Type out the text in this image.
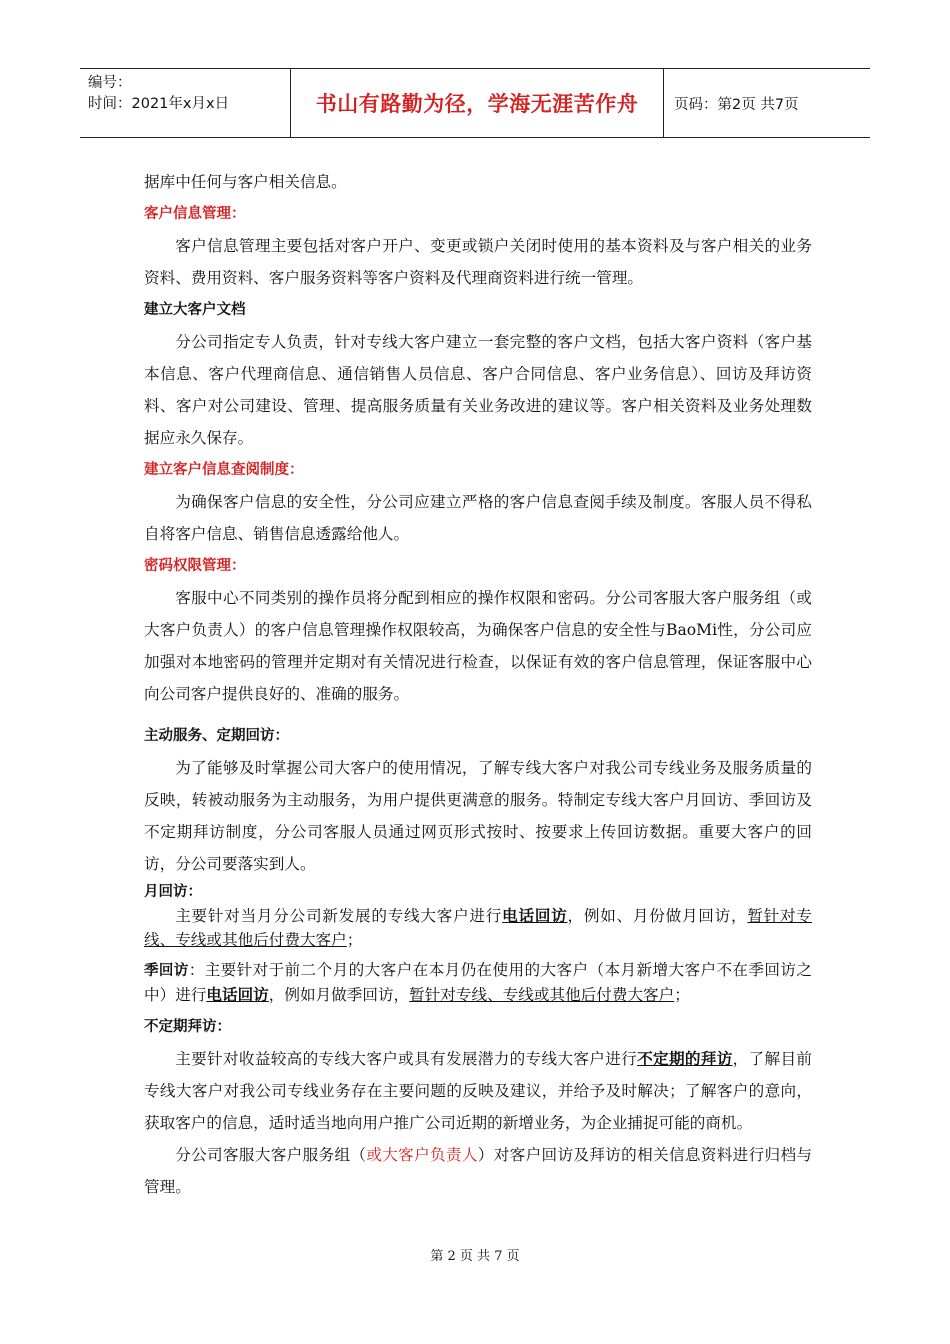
编号：
时间：2021年x月x日	书山有路勤为径，学海无涯苦作舟	页码：第2页 共7页

据库中任何与客户相关信息。

客户信息管理：

客户信息管理主要包括对客户开户、变更或锁户关闭时使用的基本资料及与客户相关的业务资料、费用资料、客户服务资料等客户资料及代理商资料进行统一管理。

建立大客户文档

分公司指定专人负责，针对专线大客户建立一套完整的客户文档，包括大客户资料（客户基本信息、客户代理商信息、通信销售人员信息、客户合同信息、客户业务信息）、回访及拜访资料、客户对公司建设、管理、提高服务质量有关业务改进的建议等。客户相关资料及业务处理数据应永久保存。

建立客户信息查阅制度：

为确保客户信息的安全性，分公司应建立严格的客户信息查阅手续及制度。客服人员不得私自将客户信息、销售信息透露给他人。

密码权限管理：

客服中心不同类别的操作员将分配到相应的操作权限和密码。分公司客服大客户服务组（或大客户负责人）的客户信息管理操作权限较高，为确保客户信息的安全性与BaoMi性，分公司应加强对本地密码的管理并定期对有关情况进行检查，以保证有效的客户信息管理，保证客服中心向公司客户提供良好的、准确的服务。

主动服务、定期回访：

为了能够及时掌握公司大客户的使用情况，了解专线大客户对我公司专线业务及服务质量的反映，转被动服务为主动服务，为用户提供更满意的服务。特制定专线大客户月回访、季回访及不定期拜访制度，分公司客服人员通过网页形式按时、按要求上传回访数据。重要大客户的回访，分公司要落实到人。

月回访：

主要针对当月分公司新发展的专线大客户进行电话回访，例如、月份做月回访，暂针对专线、专线或其他后付费大客户；

季回访：主要针对于前二个月的大客户在本月仍在使用的大客户（本月新增大客户不在季回访之中）进行电话回访，例如月做季回访，暂针对专线、专线或其他后付费大客户；

不定期拜访：

主要针对收益较高的专线大客户或具有发展潜力的专线大客户进行不定期的拜访，了解目前专线大客户对我公司专线业务存在主要问题的反映及建议，并给予及时解决；了解客户的意向，获取客户的信息，适时适当地向用户推广公司近期的新增业务，为企业捕捉可能的商机。

分公司客服大客户服务组（或大客户负责人）对客户回访及拜访的相关信息资料进行归档与管理。

第 2 页 共 7 页
